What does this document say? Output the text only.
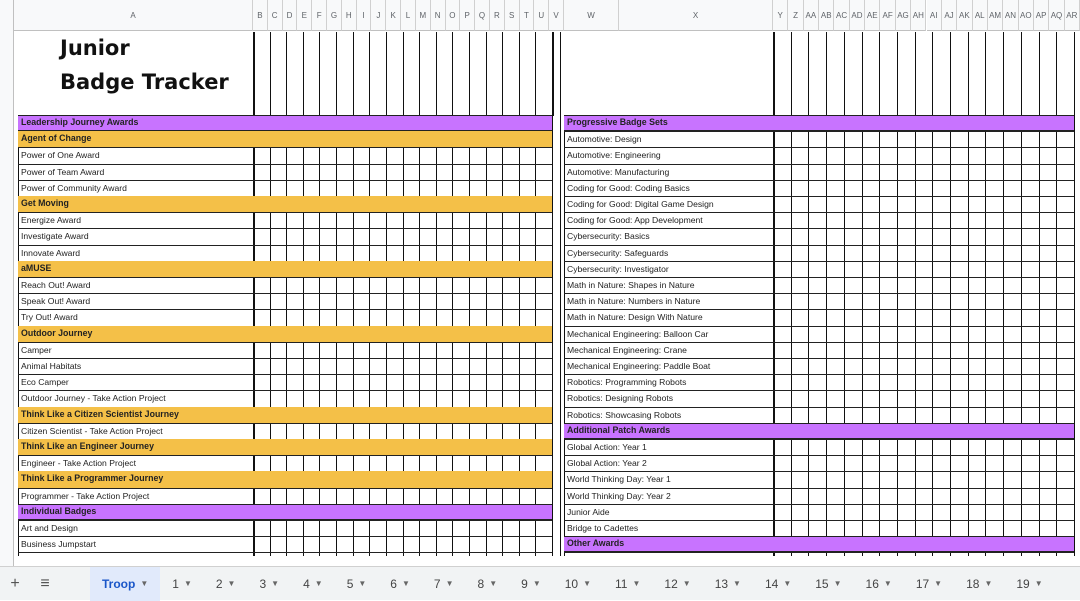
A	B	C	D	E	F	G	H	I	J	K	L	M	N	O	P	Q	R	S	T	U	V	W	X	Y	Z AA AB AC AD AE AF AG AH AI AJ AK AL AM AN AO AP AQ AR
Junior
Badge Tracker
Leadership Journey Awards
Agent of Change
Power of One Award
Power of Team Award
Power of Community Award
Get Moving
Energize Award
Investigate Award
Innovate Award
aMUSE
Reach Out! Award
Speak Out! Award
Try Out! Award
Outdoor Journey
Camper
Animal Habitats
Eco Camper
Outdoor Journey - Take Action Project
Think Like a Citizen Scientist Journey
Citizen Scientist - Take Action Project
Think Like an Engineer Journey
Engineer - Take Action Project
Think Like a Programmer Journey
Programmer - Take Action Project
Individual Badges
Art and Design
Business Jumpstart
Progressive Badge Sets
Automotive: Design
Automotive: Engineering
Automotive: Manufacturing
Coding for Good: Coding Basics
Coding for Good: Digital Game Design
Coding for Good: App Development
Cybersecurity: Basics
Cybersecurity: Safeguards
Cybersecurity: Investigator
Math in Nature: Shapes in Nature
Math in Nature: Numbers in Nature
Math in Nature: Design With Nature
Mechanical Engineering: Balloon Car
Mechanical Engineering: Crane
Mechanical Engineering: Paddle Boat
Robotics: Programming Robots
Robotics: Designing Robots
Robotics: Showcasing Robots
Additional Patch Awards
Global Action: Year 1
Global Action: Year 2
World Thinking Day: Year 1
World Thinking Day: Year 2
Junior Aide
Bridge to Cadettes
Other Awards
+	≡	Troop ▼ 1 ▼ 2 ▼ 3 ▼ 4 ▼ 5 ▼ 6 ▼ 7 ▼ 8 ▼ 9 ▼ 10 ▼ 11 ▼ 12 ▼ 13 ▼ 14 ▼ 15 ▼ 16 ▼ 17 ▼ 18 ▼ 19 ▼
